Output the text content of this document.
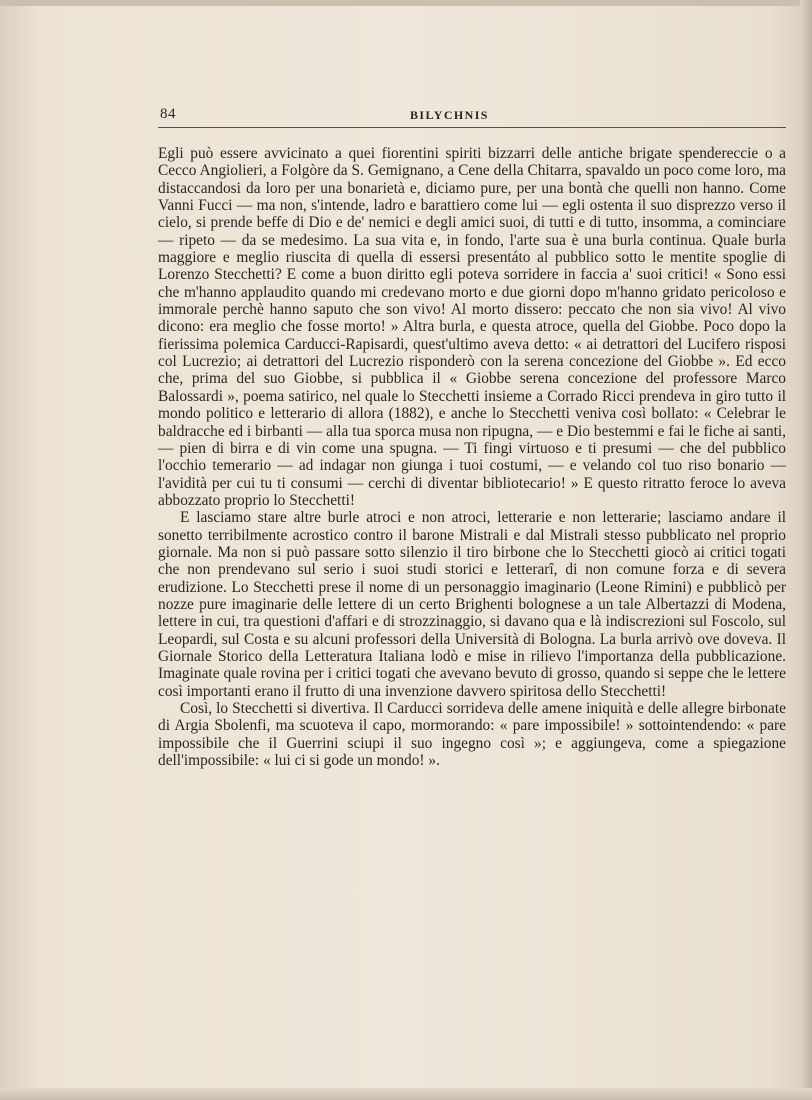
84	BILYCHNIS

Egli può essere avvicinato a quei fiorentini spiriti bizzarri delle antiche brigate spendereccie o a Cecco Angiolieri, a Folgòre da S. Gemignano, a Cene della Chitarra, spavaldo un poco come loro, ma distaccandosi da loro per una bonarietà e, diciamo pure, per una bontà che quelli non hanno. Come Vanni Fucci — ma non, s'intende, ladro e barattiero come lui — egli ostenta il suo disprezzo verso il cielo, si prende beffe di Dio e de' nemici e degli amici suoi, di tutti e di tutto, insomma, a cominciare — ripeto — da se medesimo. La sua vita e, in fondo, l'arte sua è una burla continua. Quale burla maggiore e meglio riuscita di quella di essersi presentáto al pubblico sotto le mentite spoglie di Lorenzo Stecchetti? E come a buon diritto egli poteva sorridere in faccia a' suoi critici! « Sono essi che m'hanno applaudito quando mi credevano morto e due giorni dopo m'hanno gridato pericoloso e immorale perchè hanno saputo che son vivo! Al morto dissero: peccato che non sia vivo! Al vivo dicono: era meglio che fosse morto! » Altra burla, e questa atroce, quella del Giobbe. Poco dopo la fierissima polemica Carducci-Rapisardi, quest'ultimo aveva detto: « ai detrattori del Lucifero risposi col Lucrezio; ai detrattori del Lucrezio risponderò con la serena concezione del Giobbe ». Ed ecco che, prima del suo Giobbe, si pubblica il « Giobbe serena concezione del professore Marco Balossardi », poema satirico, nel quale lo Stecchetti insieme a Corrado Ricci prendeva in giro tutto il mondo politico e letterario di allora (1882), e anche lo Stecchetti veniva così bollato: « Celebrar le baldracche ed i birbanti — alla tua sporca musa non ripugna, — e Dio bestemmi e fai le fiche ai santi, — pien di birra e di vin come una spugna. — Ti fingi virtuoso e ti presumi — che del pubblico l'occhio temerario — ad indagar non giunga i tuoi costumi, — e velando col tuo riso bonario — l'avidità per cui tu ti consumi — cerchi di diventar bibliotecario! » E questo ritratto feroce lo aveva abbozzato proprio lo Stecchetti!

E lasciamo stare altre burle atroci e non atroci, letterarie e non letterarie; lasciamo andare il sonetto terribilmente acrostico contro il barone Mistrali e dal Mistrali stesso pubblicato nel proprio giornale. Ma non si può passare sotto silenzio il tiro birbone che lo Stecchetti giocò ai critici togati che non prendevano sul serio i suoi studi storici e letterarî, di non comune forza e di severa erudizione. Lo Stecchetti prese il nome di un personaggio imaginario (Leone Rimini) e pubblicò per nozze pure imaginarie delle lettere di un certo Brighenti bolognese a un tale Albertazzi di Modena, lettere in cui, tra questioni d'affari e di strozzinaggio, si davano qua e là indiscrezioni sul Foscolo, sul Leopardi, sul Costa e su alcuni professori della Università di Bologna. La burla arrivò ove doveva. Il Giornale Storico della Letteratura Italiana lodò e mise in rilievo l'importanza della pubblicazione. Imaginate quale rovina per i critici togati che avevano bevuto di grosso, quando si seppe che le lettere così importanti erano il frutto di una invenzione davvero spiritosa dello Stecchetti!

Così, lo Stecchetti si divertiva. Il Carducci sorrideva delle amene iniquità e delle allegre birbonate di Argia Sbolenfi, ma scuoteva il capo, mormorando: « pare impossibile! » sottointendendo: « pare impossibile che il Guerrini sciupi il suo ingegno così »; e aggiungeva, come a spiegazione dell'impossibile: « lui ci si gode un mondo! ».
